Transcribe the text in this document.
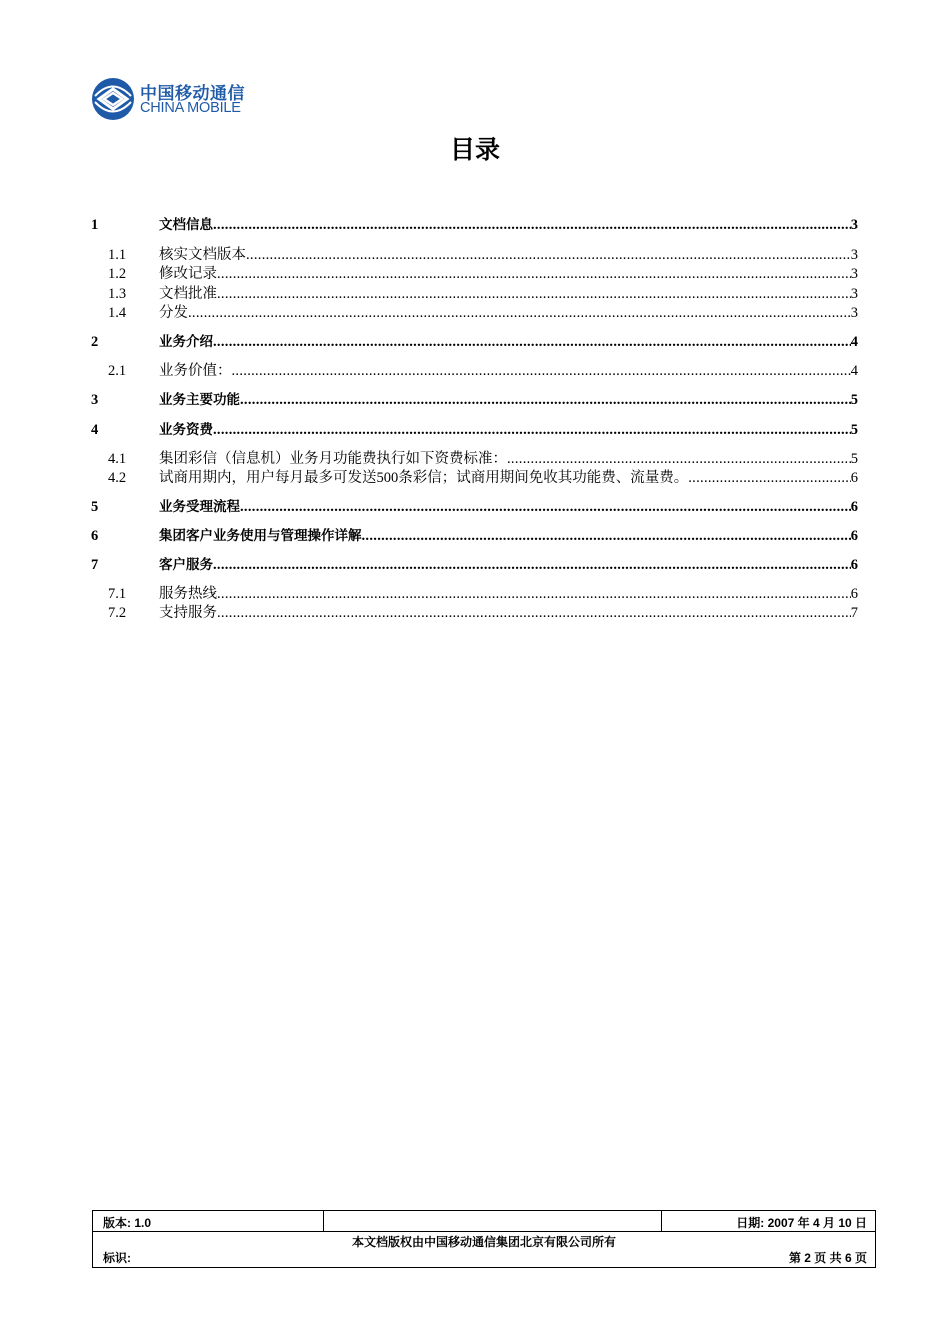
中国移动通信
CHINA MOBILE
目录
1	文档信息 .....	3
1.1 核实文档版本 .....	3
1.2 修改记录 .....	3
1.3 文档批准 .....	3
1.4 分发 .....	3
2	业务介绍 .....	4
2.1 业务价值： .....	4
3	业务主要功能 .....	5
4	业务资费 .....	5
4.1 集团彩信（信息机）业务月功能费执行如下资费标准： .....	5
4.2 试商用期内，用户每月最多可发送500条彩信；试商用期间免收其功能费、流量费。 .....	6
5	业务受理流程 .....	6
6	集团客户业务使用与管理操作详解 .....	6
7	客户服务 .....	6
7.1 服务热线 .....	6
7.2 支持服务 .....	7
版本: 1.0	日期: 2007 年 4 月 10 日
本文档版权由中国移动通信集团北京有限公司所有
标识:	第 2 页 共 6 页
